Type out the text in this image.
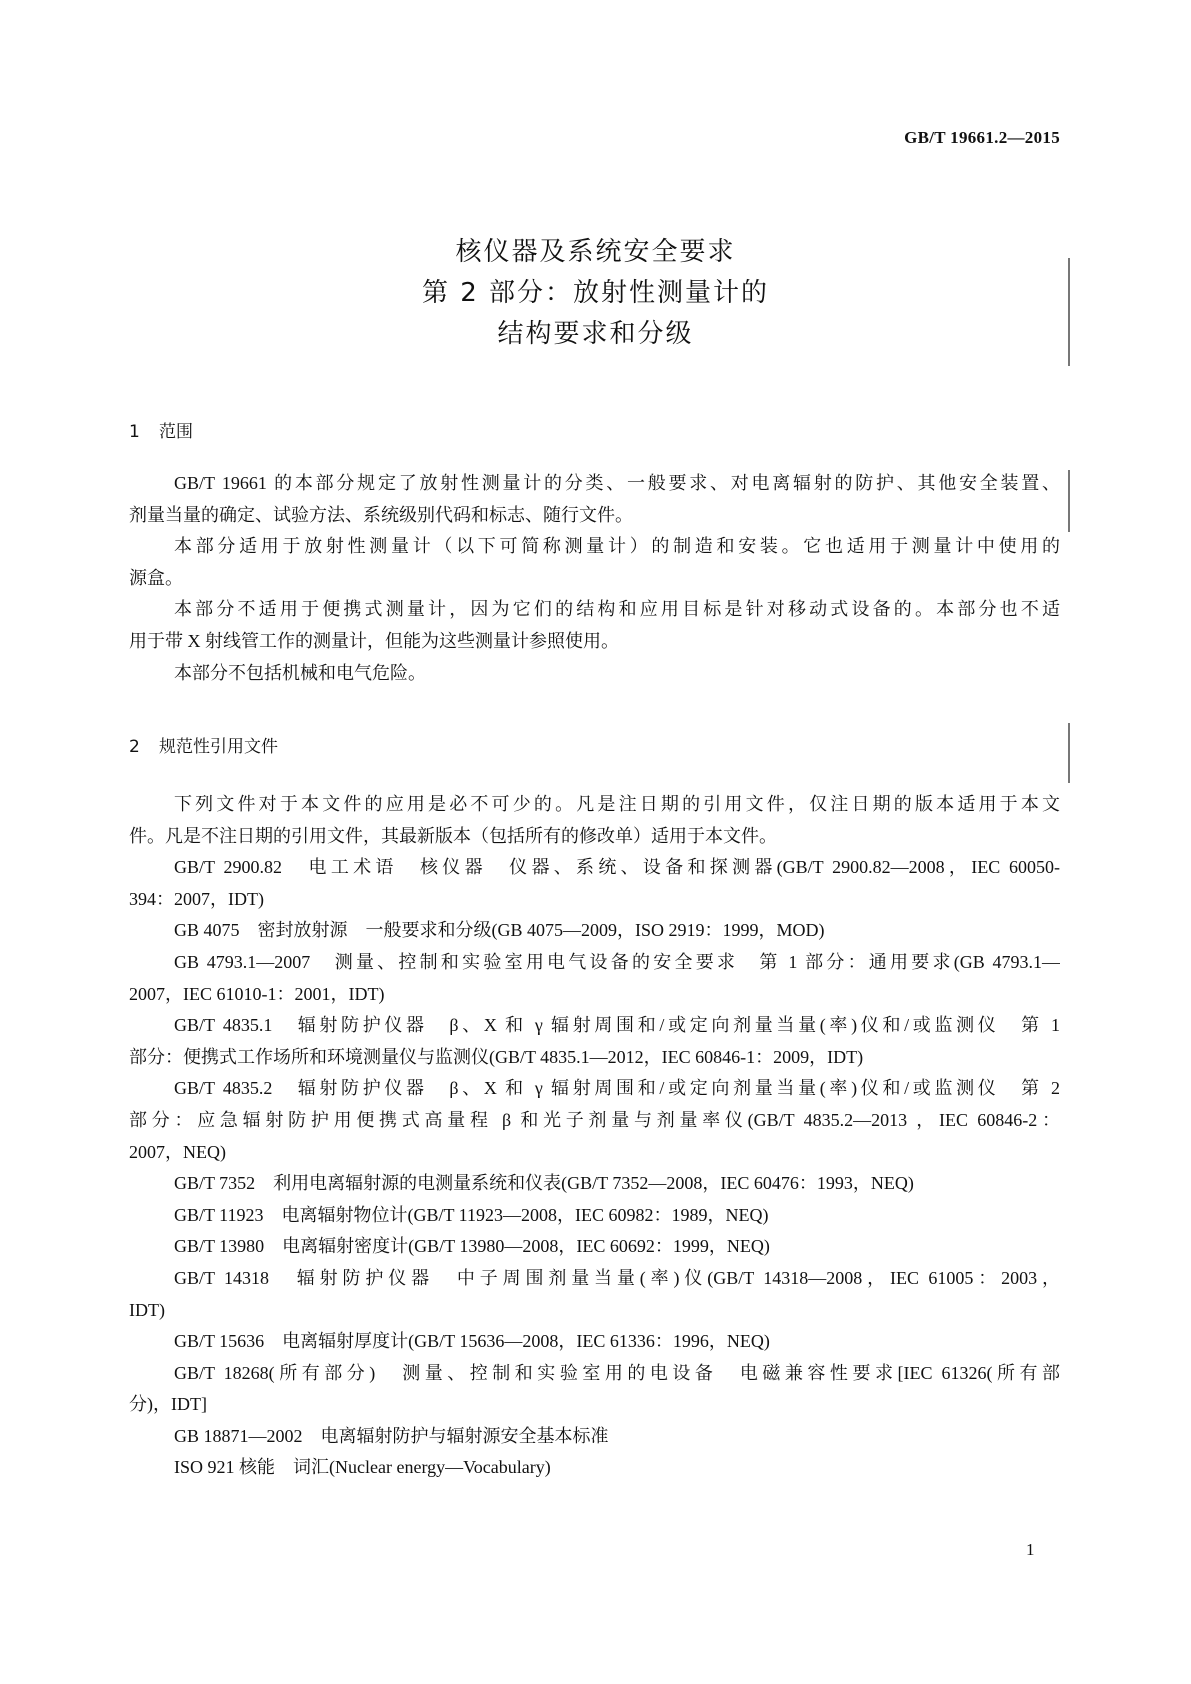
GB/T 19661.2—2015
核仪器及系统安全要求
第 2 部分：放射性测量计的
结构要求和分级
1 范围
GB/T 19661 的本部分规定了放射性测量计的分类、一般要求、对电离辐射的防护、其他安全装置、
剂量当量的确定、试验方法、系统级别代码和标志、随行文件。
本部分适用于放射性测量计（以下可简称测量计）的制造和安装。它也适用于测量计中使用的
源盒。
本部分不适用于便携式测量计，因为它们的结构和应用目标是针对移动式设备的。本部分也不适
用于带 X 射线管工作的测量计，但能为这些测量计参照使用。
本部分不包括机械和电气危险。
2 规范性引用文件
下列文件对于本文件的应用是必不可少的。凡是注日期的引用文件，仅注日期的版本适用于本文
件。凡是不注日期的引用文件，其最新版本（包括所有的修改单）适用于本文件。
GB/T 2900.82　电工术语　核仪器　仪器、系统、设备和探测器(GB/T 2900.82—2008，IEC 60050-
394：2007，IDT)
GB 4075　密封放射源　一般要求和分级(GB 4075—2009，ISO 2919：1999，MOD)
GB 4793.1—2007　测量、控制和实验室用电气设备的安全要求　第 1 部分：通用要求(GB 4793.1—
2007，IEC 61010-1：2001，IDT)
GB/T 4835.1　辐射防护仪器　β、X 和 γ 辐射周围和/或定向剂量当量(率)仪和/或监测仪　第 1
部分：便携式工作场所和环境测量仪与监测仪(GB/T 4835.1—2012，IEC 60846-1：2009，IDT)
GB/T 4835.2　辐射防护仪器　β、X 和 γ 辐射周围和/或定向剂量当量(率)仪和/或监测仪　第 2
部分：应急辐射防护用便携式高量程 β 和光子剂量与剂量率仪(GB/T 4835.2—2013 ，IEC 60846-2：
2007，NEQ)
GB/T 7352　利用电离辐射源的电测量系统和仪表(GB/T 7352—2008，IEC 60476：1993，NEQ)
GB/T 11923　电离辐射物位计(GB/T 11923—2008，IEC 60982：1989，NEQ)
GB/T 13980　电离辐射密度计(GB/T 13980—2008，IEC 60692：1999，NEQ)
GB/T 14318　辐射防护仪器　中子周围剂量当量(率)仪(GB/T 14318—2008，IEC 61005：2003，
IDT)
GB/T 15636　电离辐射厚度计(GB/T 15636—2008，IEC 61336：1996，NEQ)
GB/T 18268(所有部分)　测量、控制和实验室用的电设备　电磁兼容性要求[IEC 61326(所有部
分)，IDT]
GB 18871—2002　电离辐射防护与辐射源安全基本标准
ISO 921 核能　词汇(Nuclear energy—Vocabulary)
1
